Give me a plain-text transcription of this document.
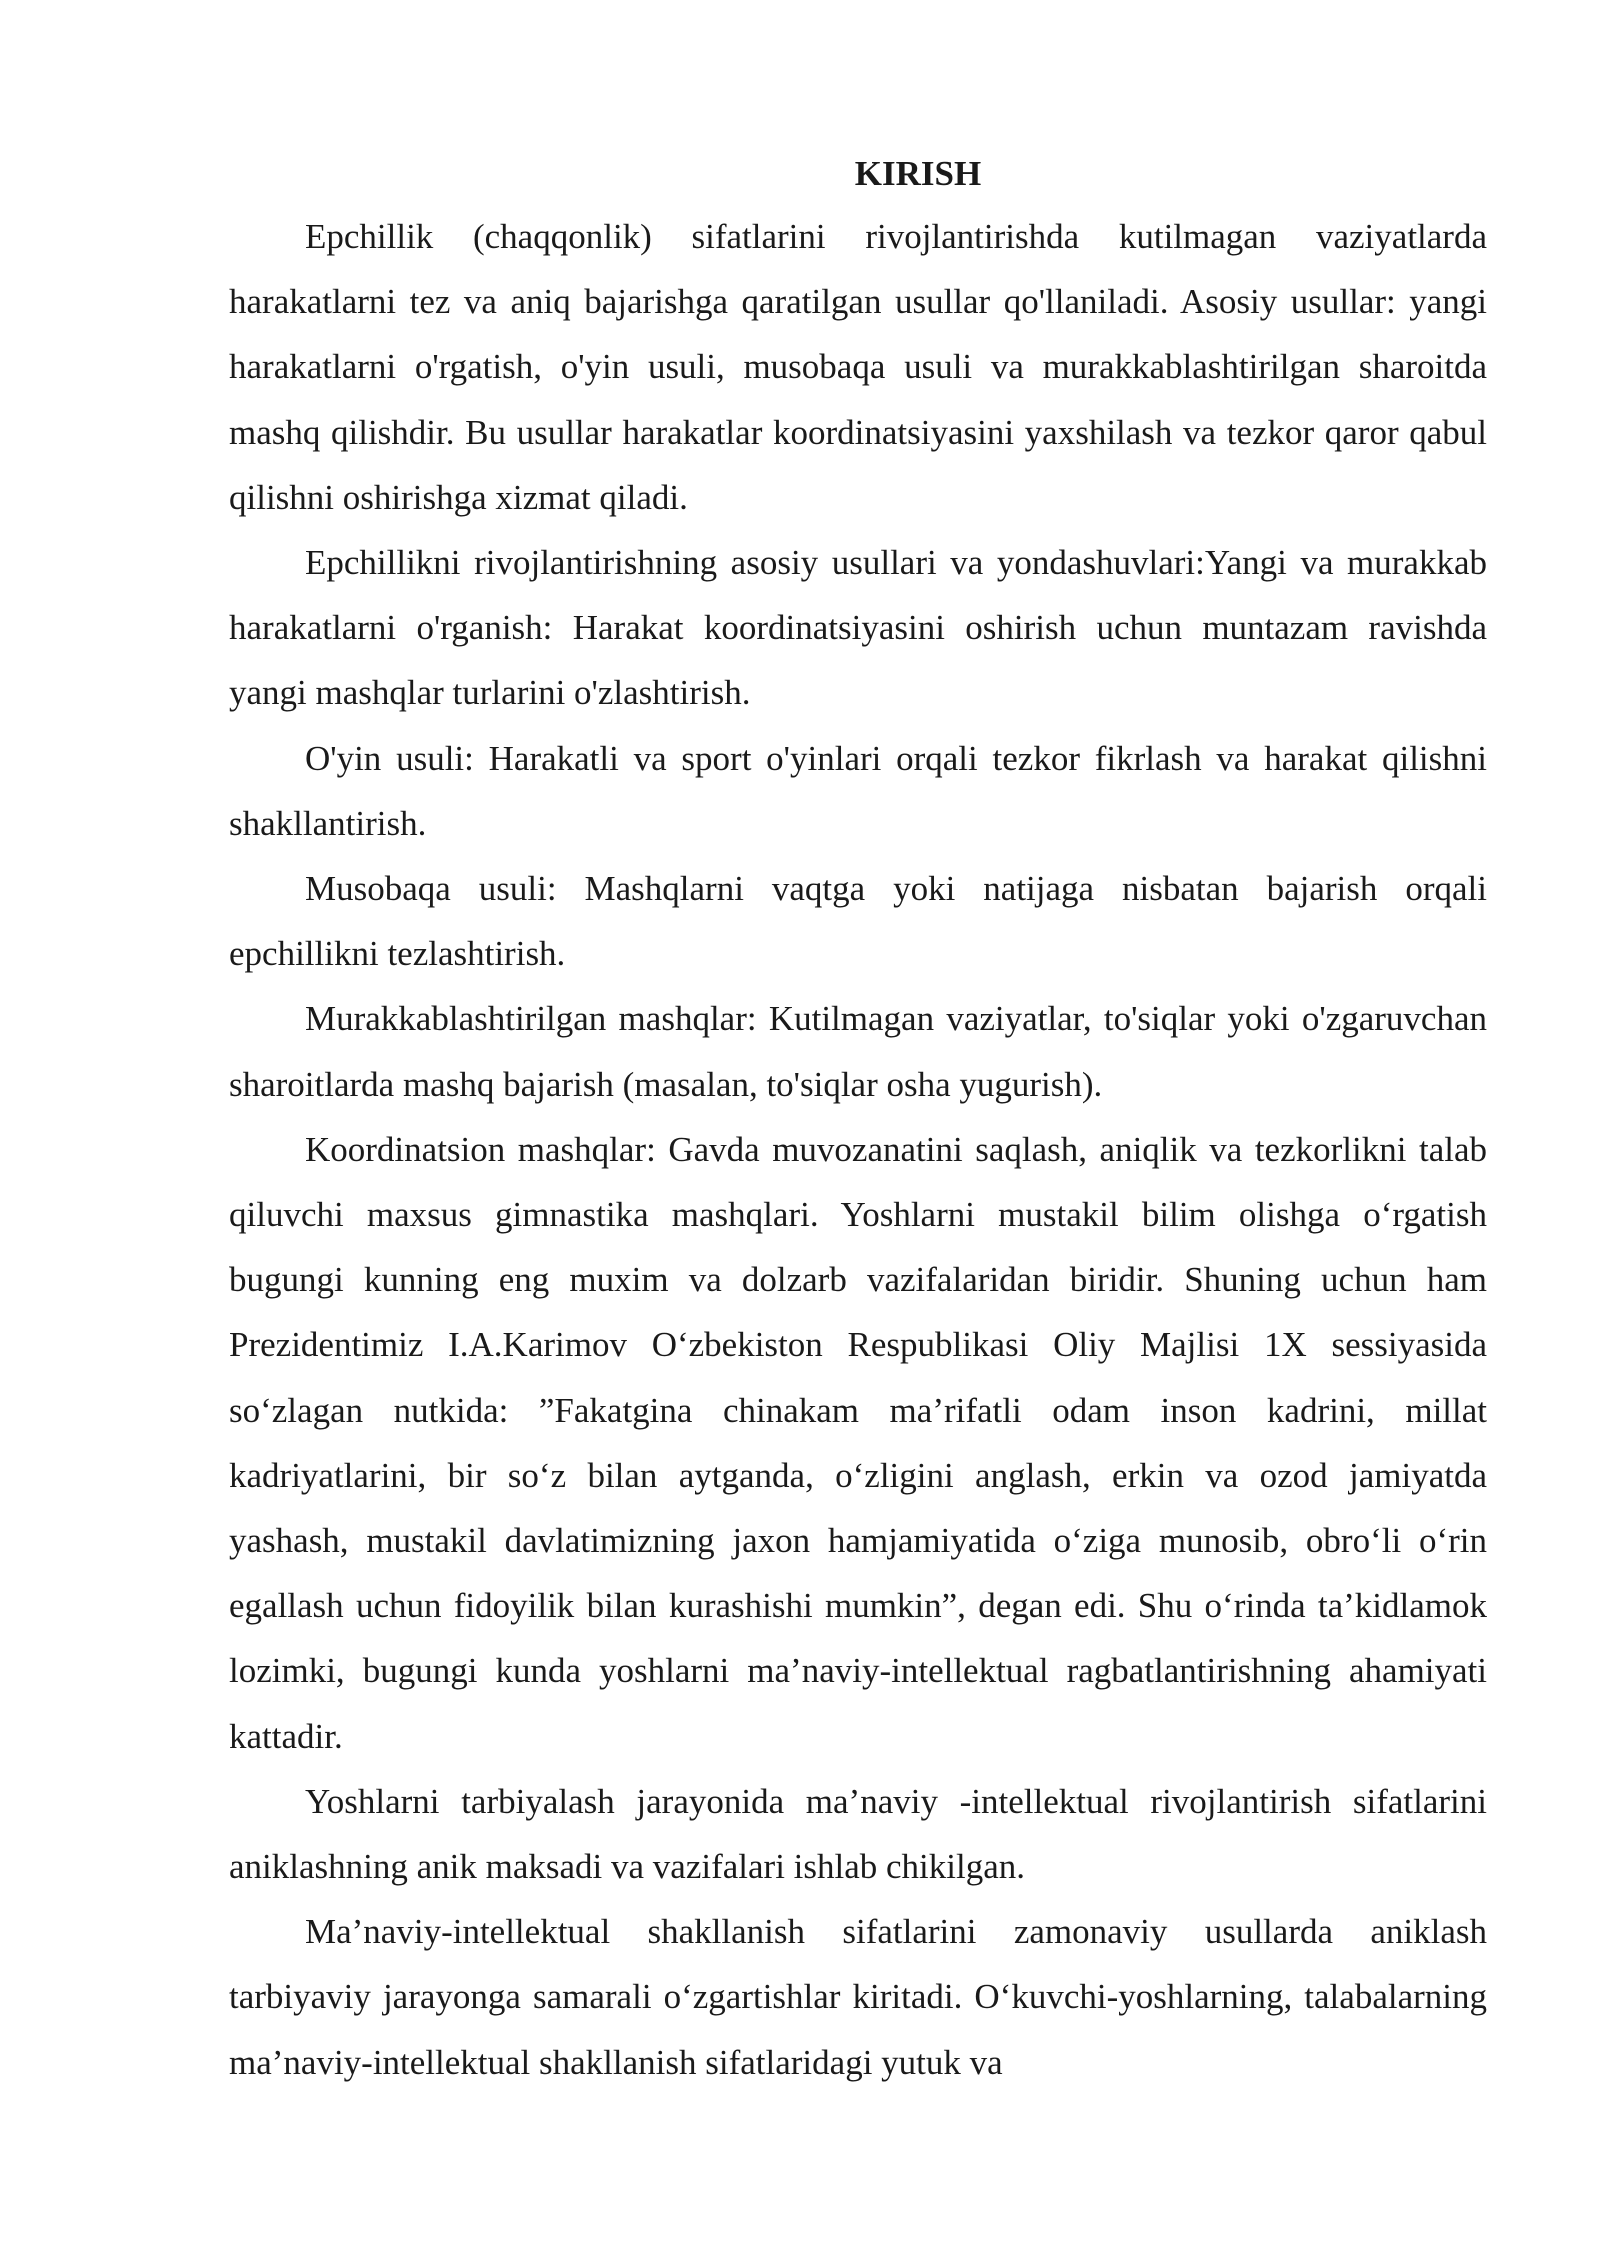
KIRISH

Epchillik (chaqqonlik) sifatlarini rivojlantirishda kutilmagan vaziyatlarda harakatlarni tez va aniq bajarishga qaratilgan usullar qo'llaniladi. Asosiy usullar: yangi harakatlarni o'rgatish, o'yin usuli, musobaqa usuli va murakkablashtirilgan sharoitda mashq qilishdir. Bu usullar harakatlar koordinatsiyasini yaxshilash va tezkor qaror qabul qilishni oshirishga xizmat qiladi.

Epchillikni rivojlantirishning asosiy usullari va yondashuvlari:Yangi va murakkab harakatlarni o'rganish: Harakat koordinatsiyasini oshirish uchun muntazam ravishda yangi mashqlar turlarini o'zlashtirish.

O'yin usuli: Harakatli va sport o'yinlari orqali tezkor fikrlash va harakat qilishni shakllantirish.

Musobaqa usuli: Mashqlarni vaqtga yoki natijaga nisbatan bajarish orqali epchillikni tezlashtirish.

Murakkablashtirilgan mashqlar: Kutilmagan vaziyatlar, to'siqlar yoki o'zgaruvchan sharoitlarda mashq bajarish (masalan, to'siqlar osha yugurish).

Koordinatsion mashqlar: Gavda muvozanatini saqlash, aniqlik va tezkorlikni talab qiluvchi maxsus gimnastika mashqlari. Yoshlarni mustakil bilim olishga o‘rgatish bugungi kunning eng muxim va dolzarb vazifalaridan biridir. Shuning uchun ham Prezidentimiz I.A.Karimov O‘zbekiston Respublikasi Oliy Majlisi 1X sessiyasida so‘zlagan nutkida: ”Fakatgina chinakam ma’rifatli odam inson kadrini, millat kadriyatlarini, bir so‘z bilan aytganda, o‘zligini anglash, erkin va ozod jamiyatda yashash, mustakil davlatimizning jaxon hamjamiyatida o‘ziga munosib, obro‘li o‘rin egallash uchun fidoyilik bilan kurashishi mumkin”, degan edi. Shu o‘rinda ta’kidlamok lozimki, bugungi kunda yoshlarni ma’naviy-intellektual ragbatlantirishning ahamiyati kattadir.

Yoshlarni tarbiyalash jarayonida ma’naviy -intellektual rivojlantirish sifatlarini aniklashning anik maksadi va vazifalari ishlab chikilgan.

Ma’naviy-intellektual shakllanish sifatlarini zamonaviy usullarda aniklash tarbiyaviy jarayonga samarali o‘zgartishlar kiritadi. O‘kuvchi-yoshlarning, talabalarning ma’naviy-intellektual shakllanish sifatlaridagi yutuk va
